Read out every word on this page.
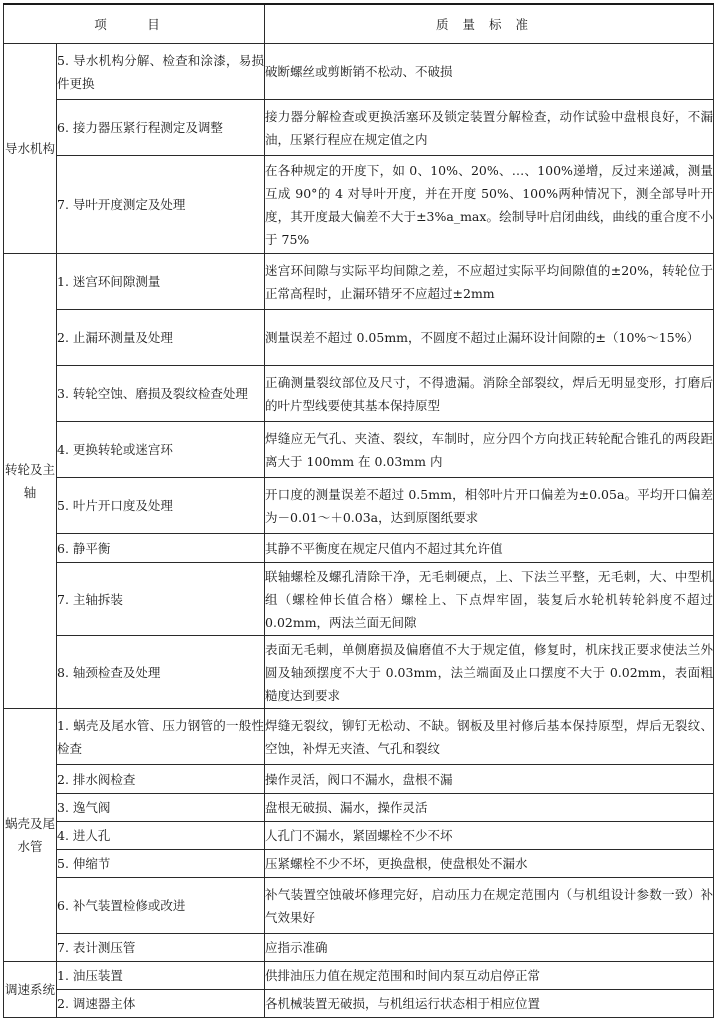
项　目		质量标准
导水机构	5. 导水机构分解、检查和涂漆，易损件更换	破断螺丝或剪断销不松动、不破损
	6. 接力器压紧行程测定及调整	接力器分解检查或更换活塞环及锁定装置分解检查，动作试验中盘根良好，不漏油，压紧行程应在规定值之内
	7. 导叶开度测定及处理	在各种规定的开度下，如 0、10%、20%、…、100%递增，反过来递减，测量互成 90°的 4 对导叶开度，并在开度 50%、100%两种情况下，测全部导叶开度，其开度最大偏差不大于±3%a_max。绘制导叶启闭曲线，曲线的重合度不小于 75%
转轮及主轴	1. 迷宫环间隙测量	迷宫环间隙与实际平均间隙之差，不应超过实际平均间隙值的±20%，转轮位于正常高程时，止漏环错牙不应超过±2mm
	2. 止漏环测量及处理	测量误差不超过 0.05mm，不圆度不超过止漏环设计间隙的±（10%～15%）
	3. 转轮空蚀、磨损及裂纹检查处理	正确测量裂纹部位及尺寸，不得遗漏。消除全部裂纹，焊后无明显变形，打磨后的叶片型线要使其基本保持原型
	4. 更换转轮或迷宫环	焊缝应无气孔、夹渣、裂纹，车制时，应分四个方向找正转轮配合锥孔的两段距离大于 100mm 在 0.03mm 内
	5. 叶片开口度及处理	开口度的测量误差不超过 0.5mm，相邻叶片开口偏差为±0.05a。平均开口偏差为－0.01～＋0.03a，达到原图纸要求
	6. 静平衡	其静不平衡度在规定尺值内不超过其允许值
	7. 主轴拆装	联轴螺栓及螺孔清除干净，无毛刺硬点，上、下法兰平整，无毛刺，大、中型机组（螺栓伸长值合格）螺栓上、下点焊牢固，装复后水轮机转轮斜度不超过 0.02mm，两法兰面无间隙
	8. 轴颈检查及处理	表面无毛刺，单侧磨损及偏磨值不大于规定值，修复时，机床找正要求使法兰外圆及轴颈摆度不大于 0.03mm，法兰端面及止口摆度不大于 0.02mm，表面粗糙度达到要求
蜗壳及尾水管	1. 蜗壳及尾水管、压力钢管的一般性检查	焊缝无裂纹，铆钉无松动、不缺。钢板及里衬修后基本保持原型，焊后无裂纹、空蚀，补焊无夹渣、气孔和裂纹
	2. 排水阀检查	操作灵活，阀口不漏水，盘根不漏
	3. 逸气阀	盘根无破损、漏水，操作灵活
	4. 进人孔	人孔门不漏水，紧固螺栓不少不坏
	5. 伸缩节	压紧螺栓不少不坏，更换盘根，使盘根处不漏水
	6. 补气装置检修或改进	补气装置空蚀破坏修理完好，启动压力在规定范围内（与机组设计参数一致）补气效果好
	7. 表计测压管	应指示准确
调速系统	1. 油压装置	供排油压力值在规定范围和时间内泵互动启停正常
	2. 调速器主体	各机械装置无破损，与机组运行状态相于相应位置
